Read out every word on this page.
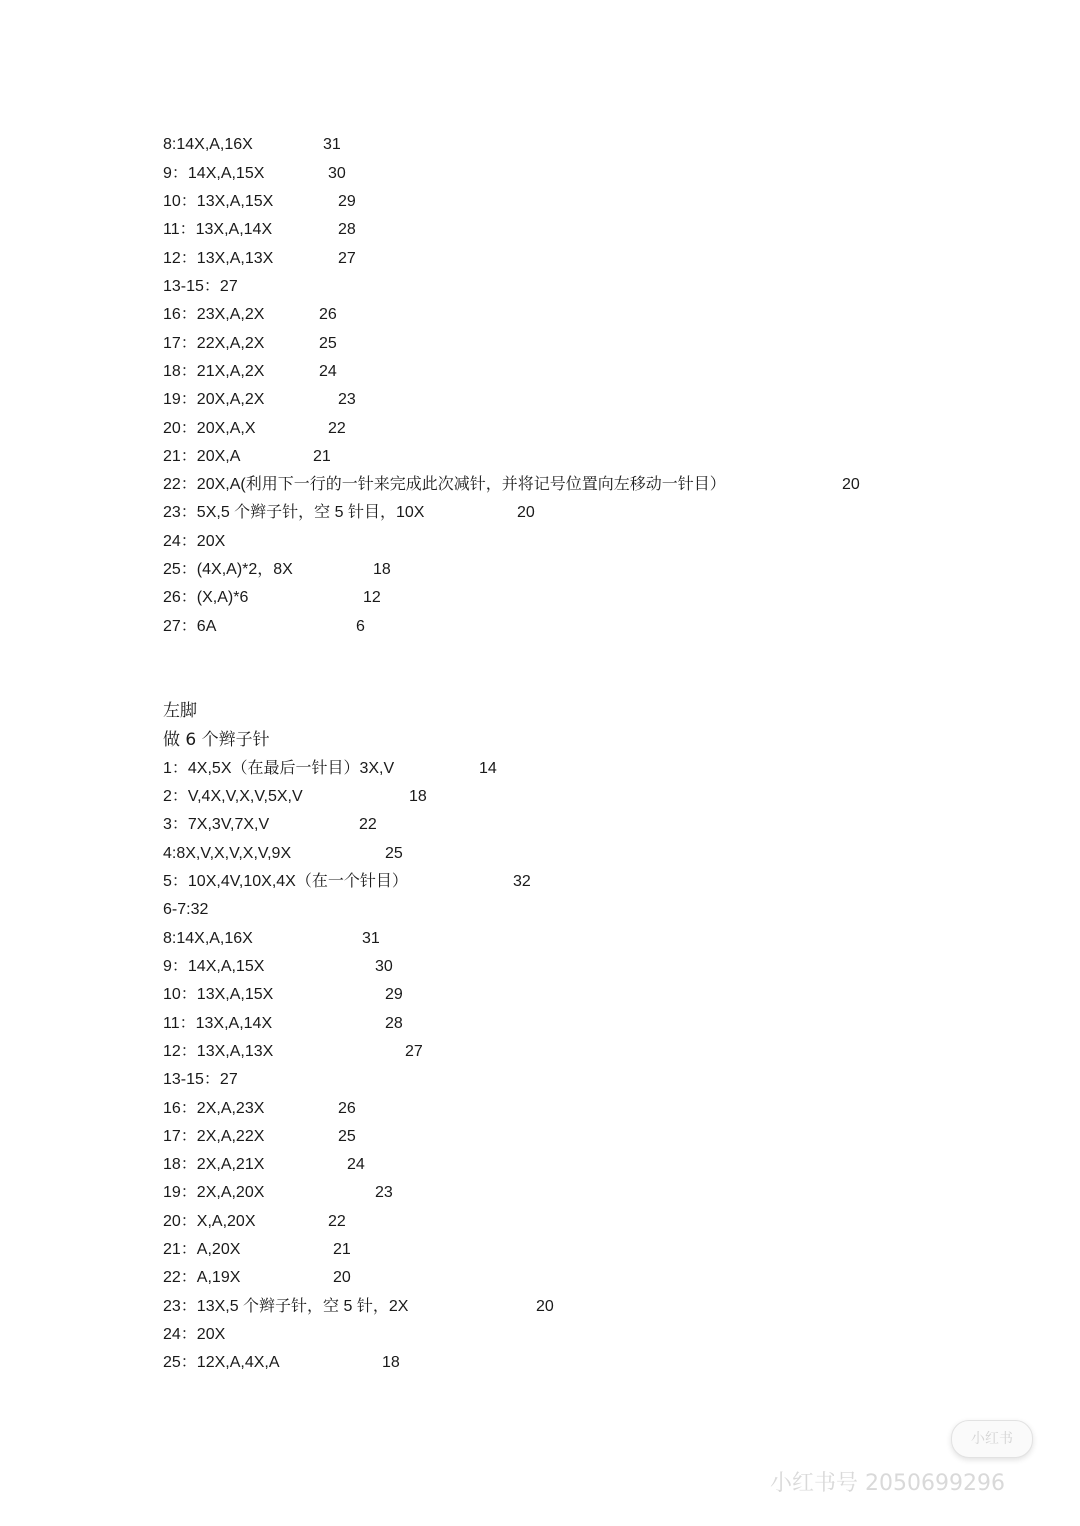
8:14X,A,16X	31
9：14X,A,15X	30
10：13X,A,15X	29
11：13X,A,14X	28
12：13X,A,13X	27
13-15：27
16：23X,A,2X	26
17：22X,A,2X	25
18：21X,A,2X	24
19：20X,A,2X	23
20：20X,A,X	22
21：20X,A	21
22：20X,A(利用下一行的一针来完成此次减针，并将记号位置向左移动一针目）	20
23：5X,5 个辫子针，空 5 针目，10X	20
24：20X
25：(4X,A)*2，8X	18
26：(X,A)*6	12
27：6A	6
左脚
做 6 个辫子针
1：4X,5X（在最后一针目）3X,V	14
2：V,4X,V,X,V,5X,V	18
3：7X,3V,7X,V	22
4:8X,V,X,V,X,V,9X	25
5：10X,4V,10X,4X（在一个针目）	32
6-7:32
8:14X,A,16X	31
9：14X,A,15X	30
10：13X,A,15X	29
11：13X,A,14X	28
12：13X,A,13X	27
13-15：27
16：2X,A,23X	26
17：2X,A,22X	25
18：2X,A,21X	24
19：2X,A,20X	23
20：X,A,20X	22
21：A,20X	21
22：A,19X	20
23：13X,5 个辫子针，空 5 针，2X	20
24：20X
25：12X,A,4X,A	18
小红书
小红书号 2050699296
